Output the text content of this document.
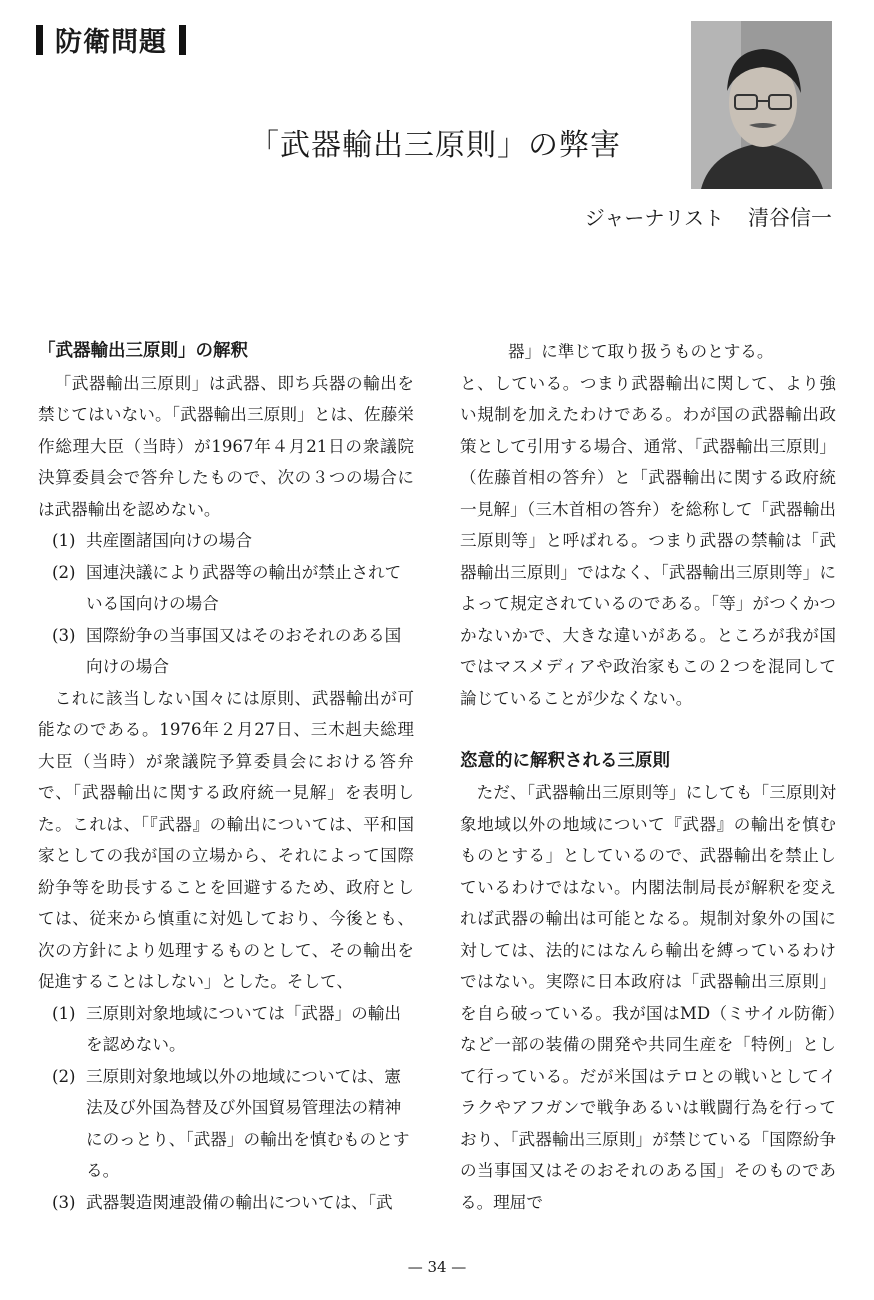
防衛問題
「武器輸出三原則」の弊害
ジャーナリスト 清谷信一

「武器輸出三原則」の解釈

「武器輸出三原則」は武器、即ち兵器の輸出を禁じてはいない。「武器輸出三原則」とは、佐藤栄作総理大臣（当時）が1967年４月21日の衆議院決算委員会で答弁したもので、次の３つの場合には武器輸出を認めない。

(1) 共産圏諸国向けの場合
(2) 国連決議により武器等の輸出が禁止されている国向けの場合
(3) 国際紛争の当事国又はそのおそれのある国向けの場合

これに該当しない国々には原則、武器輸出が可能なのである。1976年２月27日、三木赳夫総理大臣（当時）が衆議院予算委員会における答弁で、「武器輸出に関する政府統一見解」を表明した。これは、「『武器』の輸出については、平和国家としての我が国の立場から、それによって国際紛争等を助長することを回避するため、政府としては、従来から慎重に対処しており、今後とも、次の方針により処理するものとして、その輸出を促進することはしない」とした。そして、

(1) 三原則対象地域については「武器」の輸出を認めない。
(2) 三原則対象地域以外の地域については、憲法及び外国為替及び外国貿易管理法の精神にのっとり、「武器」の輸出を慎むものとする。
(3) 武器製造関連設備の輸出については、「武

器」に準じて取り扱うものとする。

と、している。つまり武器輸出に関して、より強い規制を加えたわけである。わが国の武器輸出政策として引用する場合、通常、「武器輸出三原則」（佐藤首相の答弁）と「武器輸出に関する政府統一見解」（三木首相の答弁）を総称して「武器輸出三原則等」と呼ばれる。つまり武器の禁輸は「武器輸出三原則」ではなく、「武器輸出三原則等」によって規定されているのである。「等」がつくかつかないかで、大きな違いがある。ところが我が国ではマスメディアや政治家もこの２つを混同して論じていることが少なくない。

恣意的に解釈される三原則

ただ、「武器輸出三原則等」にしても「三原則対象地域以外の地域について『武器』の輸出を慎むものとする」としているので、武器輸出を禁止しているわけではない。内閣法制局長が解釈を変えれば武器の輸出は可能となる。規制対象外の国に対しては、法的にはなんら輸出を縛っているわけではない。実際に日本政府は「武器輸出三原則」を自ら破っている。我が国はMD（ミサイル防衛）など一部の装備の開発や共同生産を「特例」として行っている。だが米国はテロとの戦いとしてイラクやアフガンで戦争あるいは戦闘行為を行っており、「武器輸出三原則」が禁じている「国際紛争の当事国又はそのおそれのある国」そのものである。理屈で

— 34 —
